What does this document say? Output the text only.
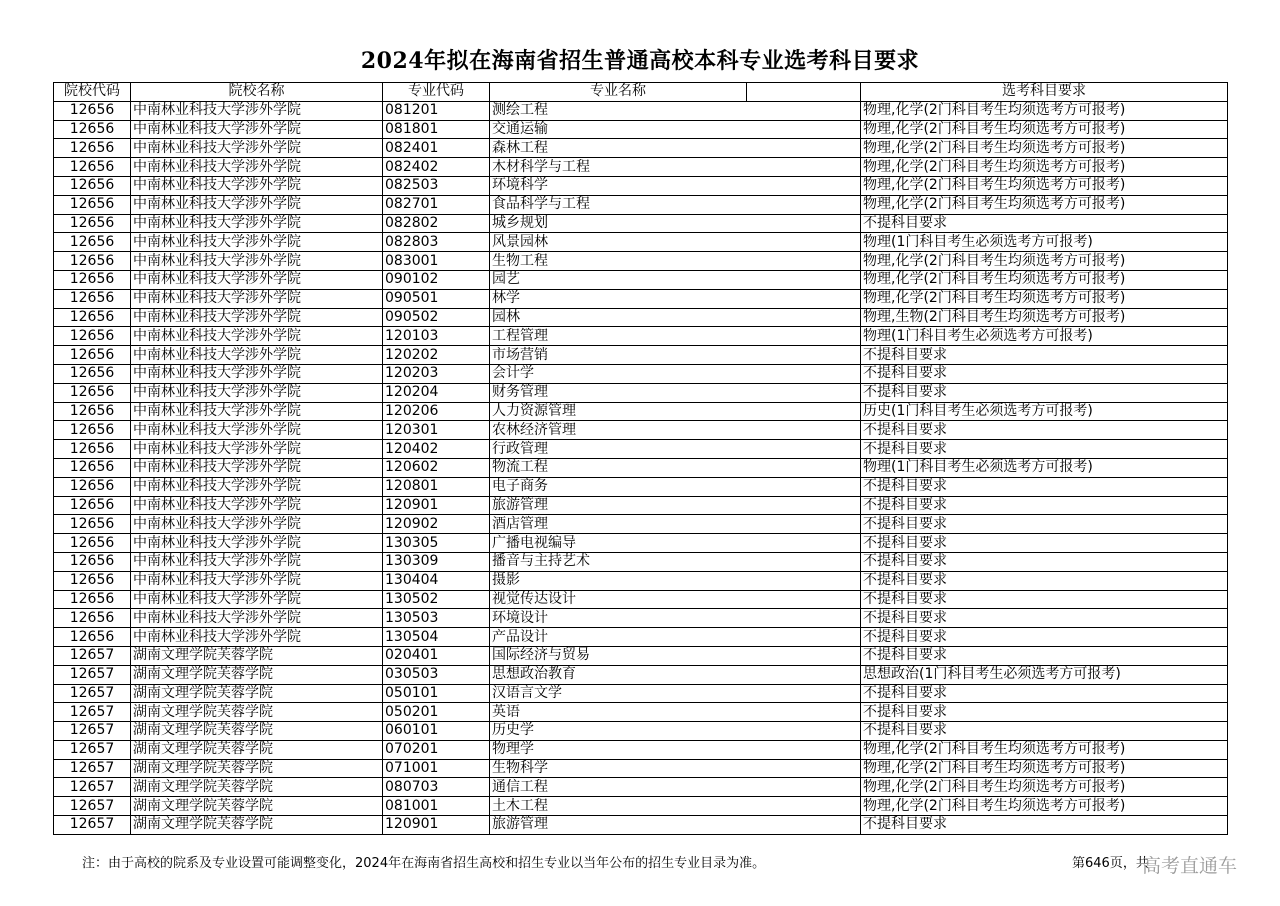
2024年拟在海南省招生普通高校本科专业选考科目要求
院校代码	院校名称	专业代码	专业名称		选考科目要求
12656	中南林业科技大学涉外学院	081201	测绘工程		物理,化学(2门科目考生均须选考方可报考)
12656	中南林业科技大学涉外学院	081801	交通运输		物理,化学(2门科目考生均须选考方可报考)
12656	中南林业科技大学涉外学院	082401	森林工程		物理,化学(2门科目考生均须选考方可报考)
12656	中南林业科技大学涉外学院	082402	木材科学与工程		物理,化学(2门科目考生均须选考方可报考)
12656	中南林业科技大学涉外学院	082503	环境科学		物理,化学(2门科目考生均须选考方可报考)
12656	中南林业科技大学涉外学院	082701	食品科学与工程		物理,化学(2门科目考生均须选考方可报考)
12656	中南林业科技大学涉外学院	082802	城乡规划		不提科目要求
12656	中南林业科技大学涉外学院	082803	风景园林		物理(1门科目考生必须选考方可报考)
12656	中南林业科技大学涉外学院	083001	生物工程		物理,化学(2门科目考生均须选考方可报考)
12656	中南林业科技大学涉外学院	090102	园艺		物理,化学(2门科目考生均须选考方可报考)
12656	中南林业科技大学涉外学院	090501	林学		物理,化学(2门科目考生均须选考方可报考)
12656	中南林业科技大学涉外学院	090502	园林		物理,生物(2门科目考生均须选考方可报考)
12656	中南林业科技大学涉外学院	120103	工程管理		物理(1门科目考生必须选考方可报考)
12656	中南林业科技大学涉外学院	120202	市场营销		不提科目要求
12656	中南林业科技大学涉外学院	120203	会计学		不提科目要求
12656	中南林业科技大学涉外学院	120204	财务管理		不提科目要求
12656	中南林业科技大学涉外学院	120206	人力资源管理		历史(1门科目考生必须选考方可报考)
12656	中南林业科技大学涉外学院	120301	农林经济管理		不提科目要求
12656	中南林业科技大学涉外学院	120402	行政管理		不提科目要求
12656	中南林业科技大学涉外学院	120602	物流工程		物理(1门科目考生必须选考方可报考)
12656	中南林业科技大学涉外学院	120801	电子商务		不提科目要求
12656	中南林业科技大学涉外学院	120901	旅游管理		不提科目要求
12656	中南林业科技大学涉外学院	120902	酒店管理		不提科目要求
12656	中南林业科技大学涉外学院	130305	广播电视编导		不提科目要求
12656	中南林业科技大学涉外学院	130309	播音与主持艺术		不提科目要求
12656	中南林业科技大学涉外学院	130404	摄影		不提科目要求
12656	中南林业科技大学涉外学院	130502	视觉传达设计		不提科目要求
12656	中南林业科技大学涉外学院	130503	环境设计		不提科目要求
12656	中南林业科技大学涉外学院	130504	产品设计		不提科目要求
12657	湖南文理学院芙蓉学院	020401	国际经济与贸易		不提科目要求
12657	湖南文理学院芙蓉学院	030503	思想政治教育		思想政治(1门科目考生必须选考方可报考)
12657	湖南文理学院芙蓉学院	050101	汉语言文学		不提科目要求
12657	湖南文理学院芙蓉学院	050201	英语		不提科目要求
12657	湖南文理学院芙蓉学院	060101	历史学		不提科目要求
12657	湖南文理学院芙蓉学院	070201	物理学		物理,化学(2门科目考生均须选考方可报考)
12657	湖南文理学院芙蓉学院	071001	生物科学		物理,化学(2门科目考生均须选考方可报考)
12657	湖南文理学院芙蓉学院	080703	通信工程		物理,化学(2门科目考生均须选考方可报考)
12657	湖南文理学院芙蓉学院	081001	土木工程		物理,化学(2门科目考生均须选考方可报考)
12657	湖南文理学院芙蓉学院	120901	旅游管理		不提科目要求
注：由于高校的院系及专业设置可能调整变化，2024年在海南省招生高校和招生专业以当年公布的招生专业目录为准。	第646页，共
高考直通车
